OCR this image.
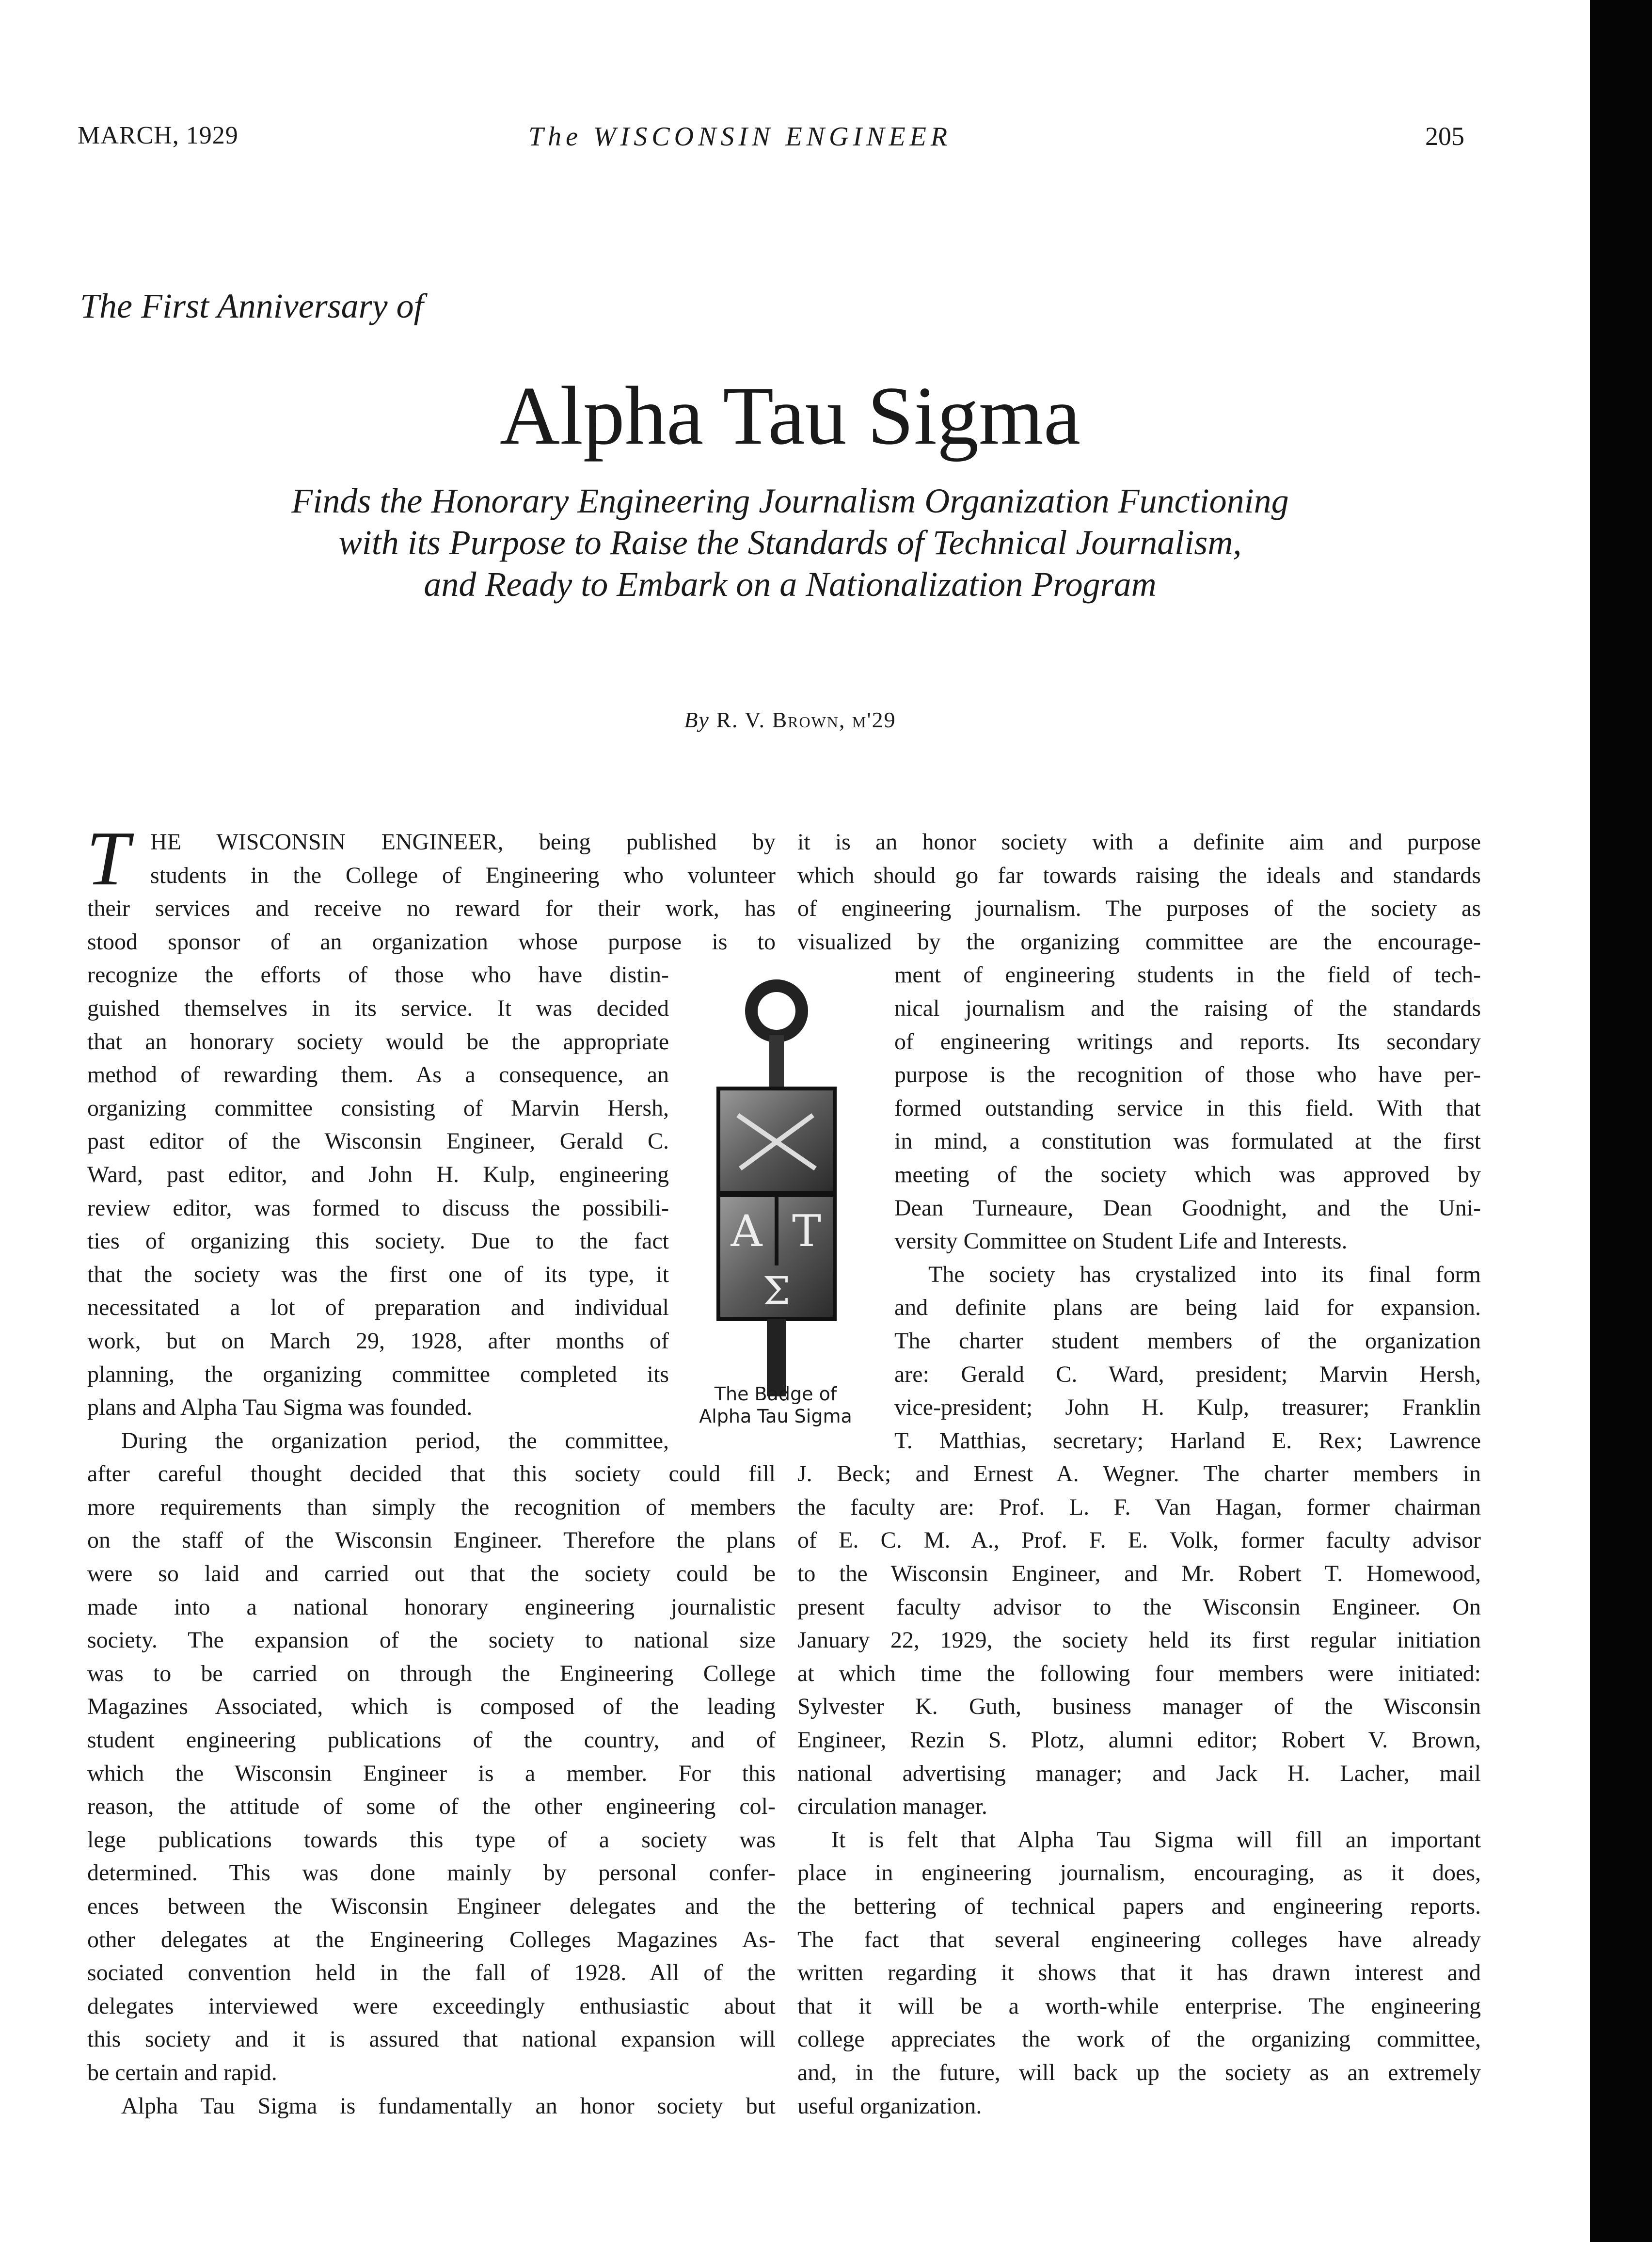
MARCH, 1929	The WISCONSIN ENGINEER	205
The First Anniversary of
Alpha Tau Sigma
Finds the Honorary Engineering Journalism Organization Functioning
with its Purpose to Raise the Standards of Technical Journalism,
and Ready to Embark on a Nationalization Program
By R. V. Brown, m'29
T
A T
Σ
The Badge of
Alpha Tau Sigma

HE WISCONSIN ENGINEER, being published by

students in the College of Engineering who volunteer

their services and receive no reward for their work, has

stood sponsor of an organization whose purpose is to

recognize the efforts of those who have distin-

guished themselves in its service. It was decided

that an honorary society would be the appropriate

method of rewarding them. As a consequence, an

organizing committee consisting of Marvin Hersh,

past editor of the Wisconsin Engineer, Gerald C.

Ward, past editor, and John H. Kulp, engineering

review editor, was formed to discuss the possibili-

ties of organizing this society. Due to the fact

that the society was the first one of its type, it

necessitated a lot of preparation and individual

work, but on March 29, 1928, after months of

planning, the organizing committee completed its

plans and Alpha Tau Sigma was founded.

During the organization period, the committee,

after careful thought decided that this society could fill

more requirements than simply the recognition of members

on the staff of the Wisconsin Engineer. Therefore the plans

were so laid and carried out that the society could be

made into a national honorary engineering journalistic

society. The expansion of the society to national size

was to be carried on through the Engineering College

Magazines Associated, which is composed of the leading

student engineering publications of the country, and of

which the Wisconsin Engineer is a member. For this

reason, the attitude of some of the other engineering col-

lege publications towards this type of a society was

determined. This was done mainly by personal confer-

ences between the Wisconsin Engineer delegates and the

other delegates at the Engineering Colleges Magazines As-

sociated convention held in the fall of 1928. All of the

delegates interviewed were exceedingly enthusiastic about

this society and it is assured that national expansion will

be certain and rapid.

Alpha Tau Sigma is fundamentally an honor society but

it is an honor society with a definite aim and purpose

which should go far towards raising the ideals and standards

of engineering journalism. The purposes of the society as

visualized by the organizing committee are the encourage-

ment of engineering students in the field of tech-

nical journalism and the raising of the standards

of engineering writings and reports. Its secondary

purpose is the recognition of those who have per-

formed outstanding service in this field. With that

in mind, a constitution was formulated at the first

meeting of the society which was approved by

Dean Turneaure, Dean Goodnight, and the Uni-

versity Committee on Student Life and Interests.

The society has crystalized into its final form

and definite plans are being laid for expansion.

The charter student members of the organization

are: Gerald C. Ward, president; Marvin Hersh,

vice-president; John H. Kulp, treasurer; Franklin

T. Matthias, secretary; Harland E. Rex; Lawrence

J. Beck; and Ernest A. Wegner. The charter members in

the faculty are: Prof. L. F. Van Hagan, former chairman

of E. C. M. A., Prof. F. E. Volk, former faculty advisor

to the Wisconsin Engineer, and Mr. Robert T. Homewood,

present faculty advisor to the Wisconsin Engineer. On

January 22, 1929, the society held its first regular initiation

at which time the following four members were initiated:

Sylvester K. Guth, business manager of the Wisconsin

Engineer, Rezin S. Plotz, alumni editor; Robert V. Brown,

national advertising manager; and Jack H. Lacher, mail

circulation manager.

It is felt that Alpha Tau Sigma will fill an important

place in engineering journalism, encouraging, as it does,

the bettering of technical papers and engineering reports.

The fact that several engineering colleges have already

written regarding it shows that it has drawn interest and

that it will be a worth-while enterprise. The engineering

college appreciates the work of the organizing committee,

and, in the future, will back up the society as an extremely

useful organization.
